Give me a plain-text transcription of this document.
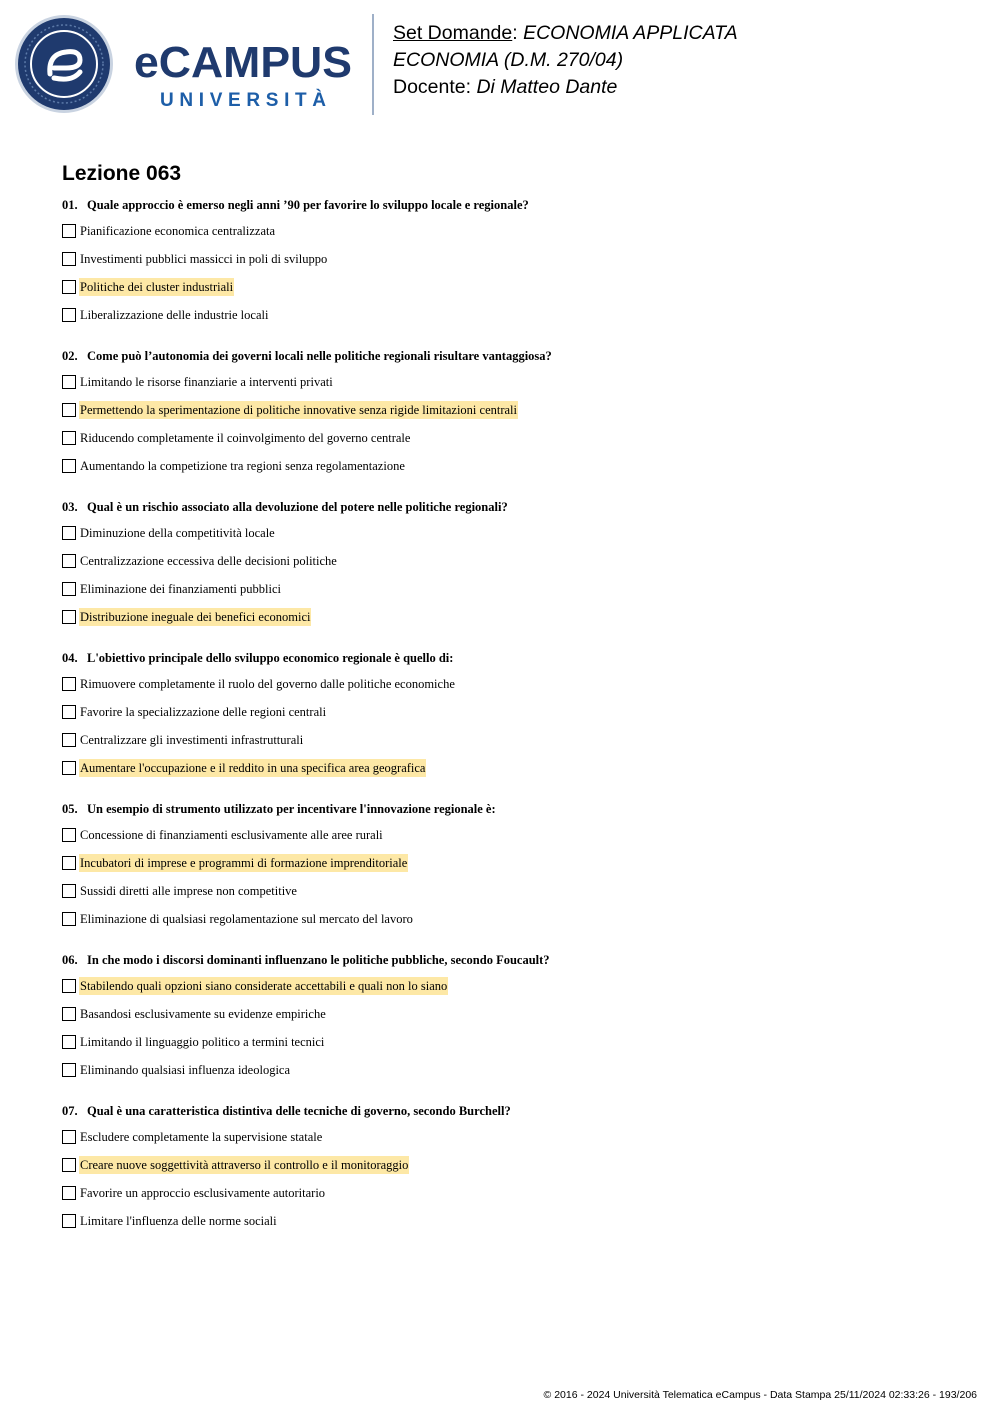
eCAMPUS
UNIVERSITÀ
Set Domande: ECONOMIA APPLICATA
ECONOMIA (D.M. 270/04)
Docente: Di Matteo Dante
Lezione 063
01. Quale approccio è emerso negli anni ’90 per favorire lo sviluppo locale e regionale?
Pianificazione economica centralizzata
Investimenti pubblici massicci in poli di sviluppo
Politiche dei cluster industriali
Liberalizzazione delle industrie locali
02. Come può l’autonomia dei governi locali nelle politiche regionali risultare vantaggiosa?
Limitando le risorse finanziarie a interventi privati
Permettendo la sperimentazione di politiche innovative senza rigide limitazioni centrali
Riducendo completamente il coinvolgimento del governo centrale
Aumentando la competizione tra regioni senza regolamentazione
03. Qual è un rischio associato alla devoluzione del potere nelle politiche regionali?
Diminuzione della competitività locale
Centralizzazione eccessiva delle decisioni politiche
Eliminazione dei finanziamenti pubblici
Distribuzione ineguale dei benefici economici
04. L'obiettivo principale dello sviluppo economico regionale è quello di:
Rimuovere completamente il ruolo del governo dalle politiche economiche
Favorire la specializzazione delle regioni centrali
Centralizzare gli investimenti infrastrutturali
Aumentare l'occupazione e il reddito in una specifica area geografica
05. Un esempio di strumento utilizzato per incentivare l'innovazione regionale è:
Concessione di finanziamenti esclusivamente alle aree rurali
Incubatori di imprese e programmi di formazione imprenditoriale
Sussidi diretti alle imprese non competitive
Eliminazione di qualsiasi regolamentazione sul mercato del lavoro
06. In che modo i discorsi dominanti influenzano le politiche pubbliche, secondo Foucault?
Stabilendo quali opzioni siano considerate accettabili e quali non lo siano
Basandosi esclusivamente su evidenze empiriche
Limitando il linguaggio politico a termini tecnici
Eliminando qualsiasi influenza ideologica
07. Qual è una caratteristica distintiva delle tecniche di governo, secondo Burchell?
Escludere completamente la supervisione statale
Creare nuove soggettività attraverso il controllo e il monitoraggio
Favorire un approccio esclusivamente autoritario
Limitare l'influenza delle norme sociali
© 2016 - 2024 Università Telematica eCampus - Data Stampa 25/11/2024 02:33:26 - 193/206
